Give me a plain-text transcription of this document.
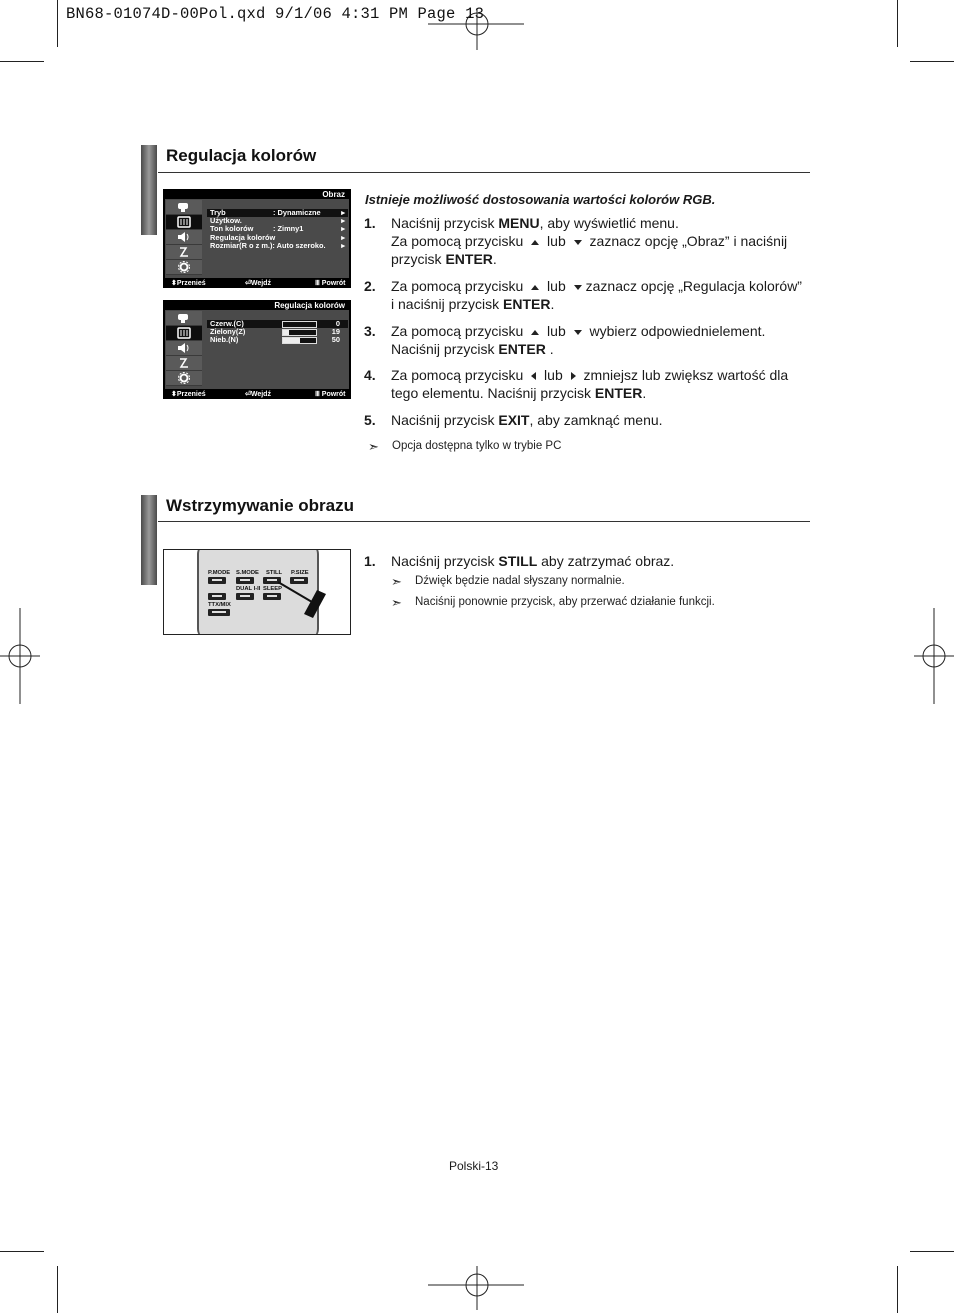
BN68-01074D-00Pol.qxd 9/1/06 4:31 PM Page 13
Regulacja kolorów
Obraz
Tryb	: Dynamiczne	▸
Użytkow.	▸
Ton kolorów	: Zimny1	▸
Regulacja kolorów	▸
Rozmiar(R o z m.): Auto szeroko. ▸
⬍Przenieś	⏎Wejdź	Ⅲ Powrót
Regulacja kolorów
Czerw.(C)	0
Zielony(Z)	19
Nieb.(N)	50
⬍Przenieś	⏎Wejdź	Ⅲ Powrót
Istnieje możliwość dostosowania wartości kolorów RGB.
1. Naciśnij przycisk MENU, aby wyświetlić menu.
Za pomocą przycisku  lub  zaznacz opcję „Obraz” i naciśnij
przycisk ENTER.
2. Za pomocą przycisku  lub zaznacz opcję „Regulacja kolorów”
i naciśnij przycisk ENTER.
3. Za pomocą przycisku  lub  wybierz odpowiednielement.
Naciśnij przycisk ENTER .
4. Za pomocą przycisku  lub  zmniejsz lub zwiększ wartość dla
tego elementu. Naciśnij przycisk ENTER.
5. Naciśnij przycisk EXIT, aby zamknąć menu.
➣ Opcja dostępna tylko w trybie PC
Wstrzymywanie obrazu
P.MODE S.MODE STILL P.SIZE
DUAL I-II SLEEP
TTX/MIX
1. Naciśnij przycisk STILL aby zatrzymać obraz.
➣ Dźwięk będzie nadal słyszany normalnie.
➣ Naciśnij ponownie przycisk, aby przerwać działanie funkcji.
Polski-13
